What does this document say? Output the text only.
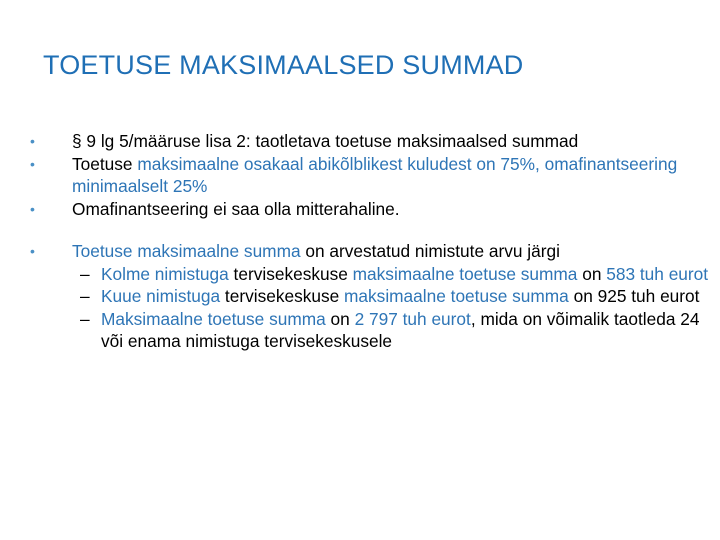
TOETUSE MAKSIMAALSED SUMMAD
•	§ 9 lg 5/määruse lisa 2: taotletava toetuse maksimaalsed summad
•	Toetuse maksimaalne osakaal abikõlblikest kuludest on 75%, omafinantseering minimaalselt 25%
•	Omafinantseering ei saa olla mitterahaline.
•	Toetuse maksimaalne summa on arvestatud nimistute arvu järgi
– Kolme nimistuga tervisekeskuse maksimaalne toetuse summa on 583 tuh eurot
– Kuue nimistuga tervisekeskuse maksimaalne toetuse summa on 925 tuh eurot
– Maksimaalne toetuse summa on 2 797 tuh eurot, mida on võimalik taotleda 24 või enama nimistuga tervisekeskusele
